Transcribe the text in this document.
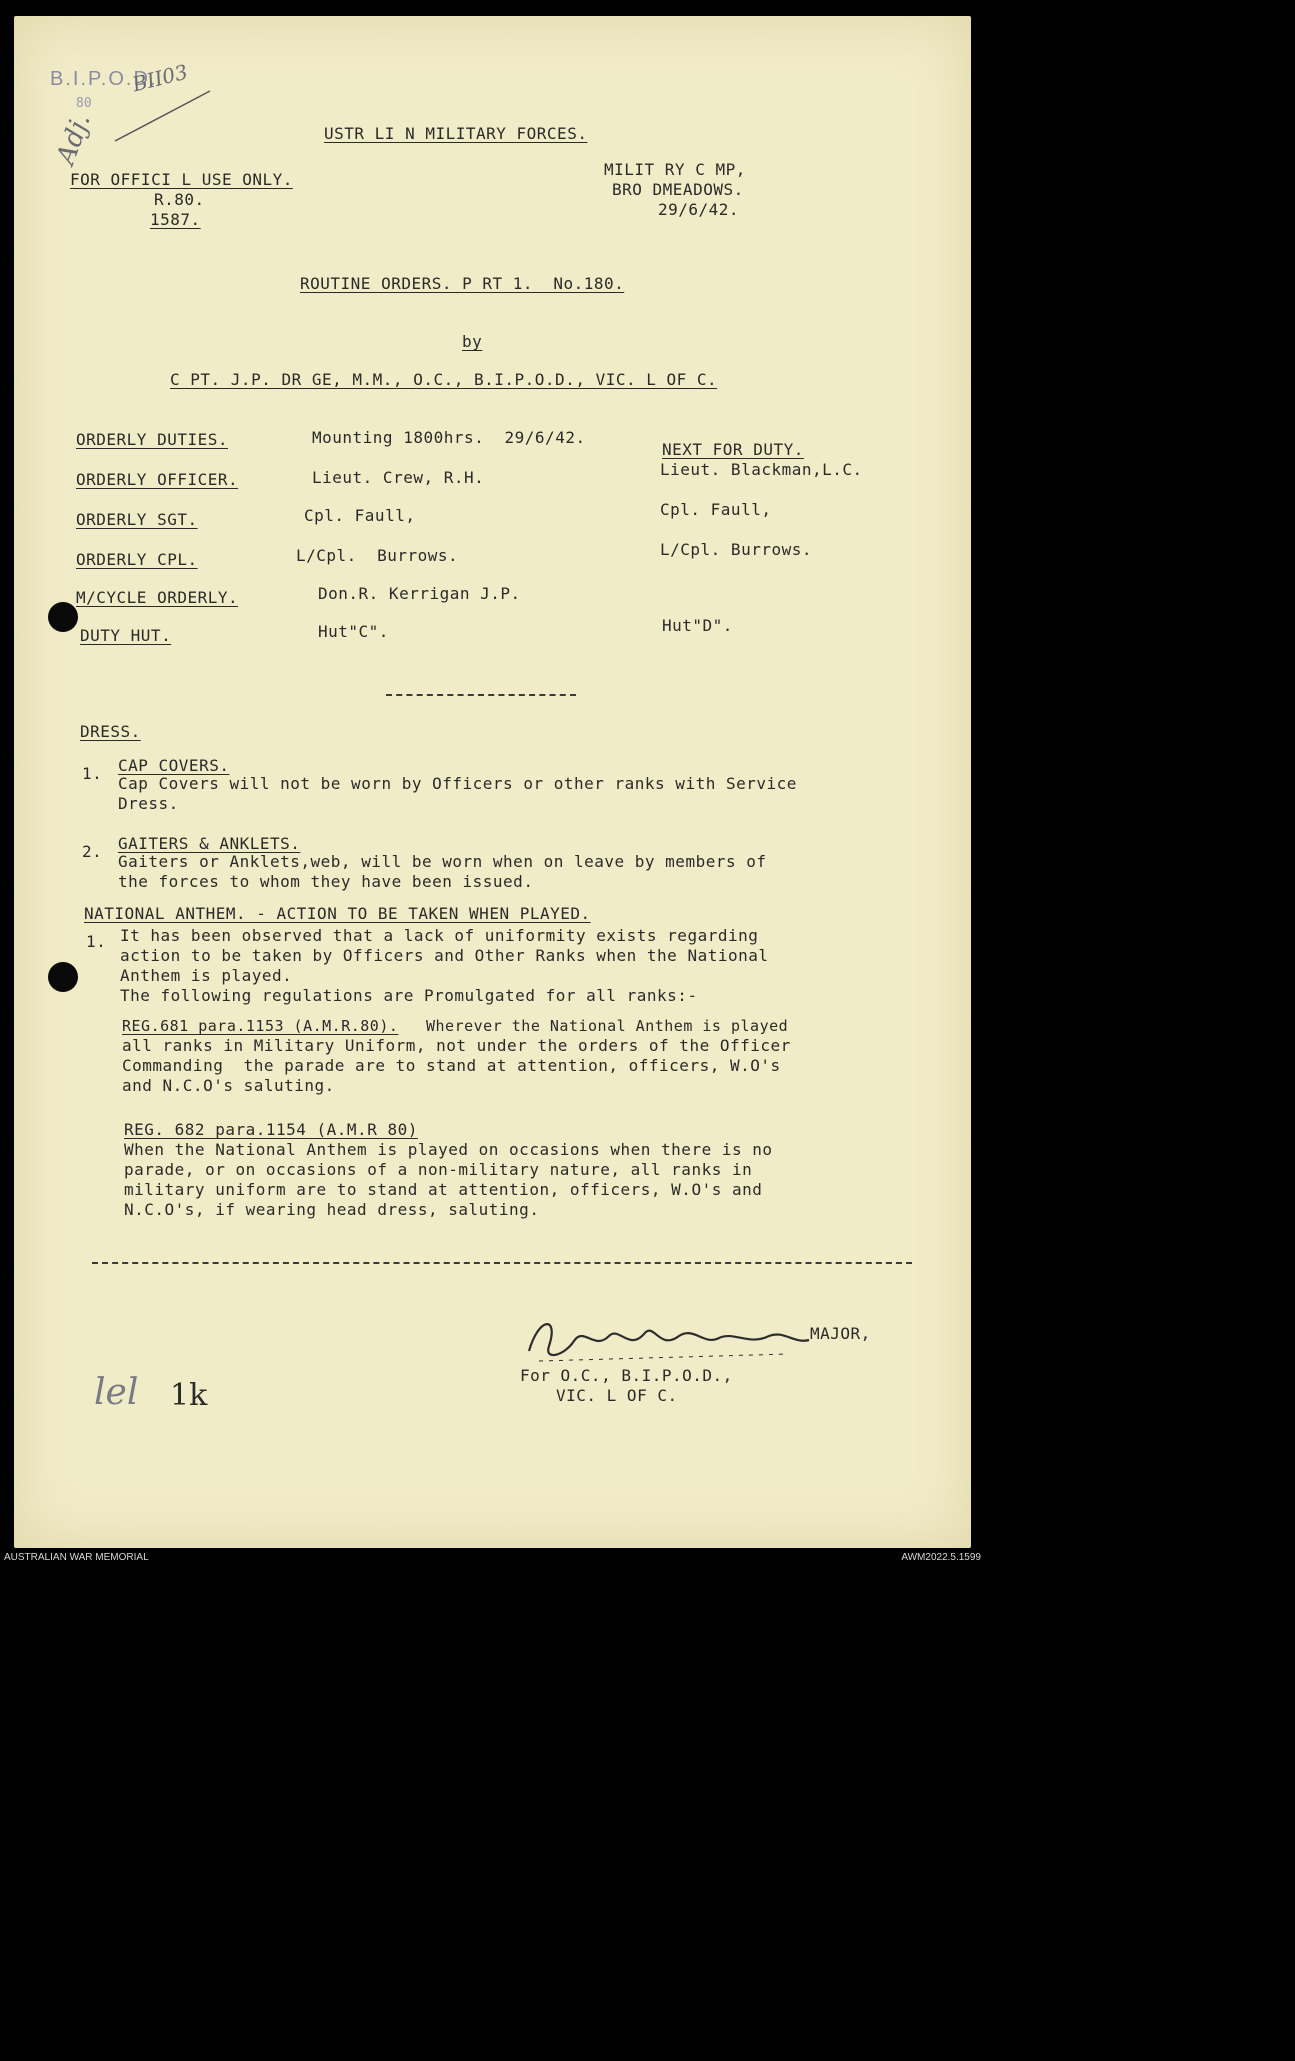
B.I.P.O.D.
80
BII03
Adj.	USTR LI N MILITARY FORCES.
FOR OFFICI L USE ONLY.
R.80.
1587.
MILIT RY C MP,
BRO DMEADOWS.
29/6/42.
ROUTINE ORDERS. P RT 1.  No.180.
by
C PT. J.P. DR GE, M.M., O.C., B.I.P.O.D., VIC. L OF C.
ORDERLY DUTIES.	Mounting 1800hrs.  29/6/42.
NEXT FOR DUTY.
ORDERLY OFFICER.	Lieut. Crew, R.H.	Lieut. Blackman,L.C.
ORDERLY SGT.	Cpl. Faull,	Cpl. Faull,
ORDERLY CPL.	L/Cpl.  Burrows.	L/Cpl. Burrows.
M/CYCLE ORDERLY.	Don.R. Kerrigan J.P.
DUTY HUT.	Hut"C".	Hut"D".
DRESS.
1. CAP COVERS.
Cap Covers will not be worn by Officers or other ranks with Service
Dress.
2. GAITERS & ANKLETS.
Gaiters or Anklets,web, will be worn when on leave by members of
the forces to whom they have been issued.
NATIONAL ANTHEM. - ACTION TO BE TAKEN WHEN PLAYED.
1. It has been observed that a lack of uniformity exists regarding
action to be taken by Officers and Other Ranks when the National
Anthem is played.
The following regulations are Promulgated for all ranks:-
REG.681 para.1153 (A.M.R.80). Wherever the National Anthem is played
all ranks in Military Uniform, not under the orders of the Officer
Commanding  the parade are to stand at attention, officers, W.O's
and N.C.O's saluting.
REG. 682 para.1154 (A.M.R 80)
When the National Anthem is played on occasions when there is no
parade, or on occasions of a non-military nature, all ranks in
military uniform are to stand at attention, officers, W.O's and
N.C.O's, if wearing head dress, saluting.
MAJOR,
For O.C., B.I.P.O.D.,
VIC. L OF C.
lel 1k
AUSTRALIAN WAR MEMORIAL	AWM2022.5.1599
